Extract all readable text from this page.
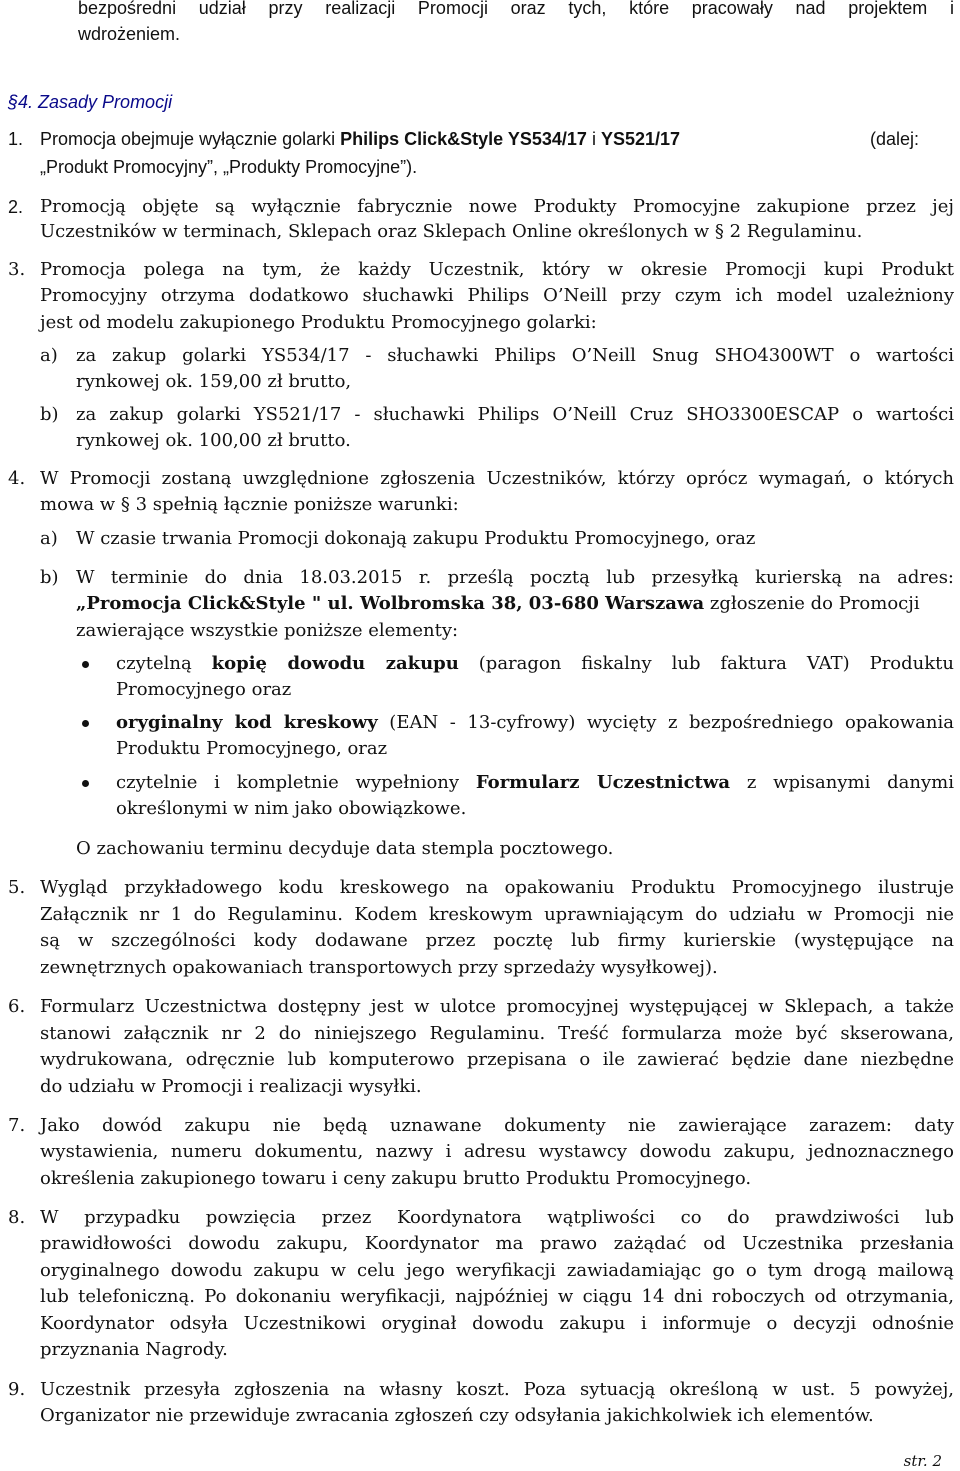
bezpośredni udział przy realizacji Promocji oraz tych, które pracowały nad projektem i
wdrożeniem.
§4. Zasady Promocji
1. Promocja obejmuje wyłącznie golarki Philips Click&Style YS534/17 i YS521/17	(dalej:
„Produkt Promocyjny”, „Produkty Promocyjne”).
2. Promocją objęte są wyłącznie fabrycznie nowe Produkty Promocyjne zakupione przez jej
Uczestników w terminach, Sklepach oraz Sklepach Online określonych w § 2 Regulaminu.
3. Promocja polega na tym, że każdy Uczestnik, który w okresie Promocji kupi Produkt
Promocyjny otrzyma dodatkowo słuchawki Philips O’Neill przy czym ich model uzależniony
jest od modelu zakupionego Produktu Promocyjnego golarki:
a) za zakup golarki YS534/17 - słuchawki Philips O’Neill Snug SHO4300WT o wartości
rynkowej ok. 159,00 zł brutto,
b) za zakup golarki YS521/17 - słuchawki Philips O’Neill Cruz SHO3300ESCAP o wartości
rynkowej ok. 100,00 zł brutto.
4. W Promocji zostaną uwzględnione zgłoszenia Uczestników, którzy oprócz wymagań, o których
mowa w § 3 spełnią łącznie poniższe warunki:
a) W czasie trwania Promocji dokonają zakupu Produktu Promocyjnego, oraz
b) W terminie do dnia 18.03.2015 r. prześlą pocztą lub przesyłką kurierską na adres:
„Promocja Click&Style " ul. Wolbromska 38, 03-680 Warszawa zgłoszenie do Promocji
zawierające wszystkie poniższe elementy:
czytelną kopię dowodu zakupu (paragon fiskalny lub faktura VAT) Produktu
Promocyjnego oraz
oryginalny kod kreskowy (EAN - 13-cyfrowy) wycięty z bezpośredniego opakowania
Produktu Promocyjnego, oraz
czytelnie i kompletnie wypełniony Formularz Uczestnictwa z wpisanymi danymi
określonymi w nim jako obowiązkowe.
O zachowaniu terminu decyduje data stempla pocztowego.
5. Wygląd przykładowego kodu kreskowego na opakowaniu Produktu Promocyjnego ilustruje
Załącznik nr 1 do Regulaminu. Kodem kreskowym uprawniającym do udziału w Promocji nie
są w szczególności kody dodawane przez pocztę lub firmy kurierskie (występujące na
zewnętrznych opakowaniach transportowych przy sprzedaży wysyłkowej).
6. Formularz Uczestnictwa dostępny jest w ulotce promocyjnej występującej w Sklepach, a także
stanowi załącznik nr 2 do niniejszego Regulaminu. Treść formularza może być skserowana,
wydrukowana, odręcznie lub komputerowo przepisana o ile zawierać będzie dane niezbędne
do udziału w Promocji i realizacji wysyłki.
7. Jako dowód zakupu nie będą uznawane dokumenty nie zawierające zarazem: daty
wystawienia, numeru dokumentu, nazwy i adresu wystawcy dowodu zakupu, jednoznacznego
określenia zakupionego towaru i ceny zakupu brutto Produktu Promocyjnego.
8. W przypadku powzięcia przez Koordynatora wątpliwości co do prawdziwości lub
prawidłowości dowodu zakupu, Koordynator ma prawo zażądać od Uczestnika przesłania
oryginalnego dowodu zakupu w celu jego weryfikacji zawiadamiając go o tym drogą mailową
lub telefoniczną. Po dokonaniu weryfikacji, najpóźniej w ciągu 14 dni roboczych od otrzymania,
Koordynator odsyła Uczestnikowi oryginał dowodu zakupu i informuje o decyzji odnośnie
przyznania Nagrody.
9. Uczestnik przesyła zgłoszenia na własny koszt. Poza sytuacją określoną w ust. 5 powyżej,
Organizator nie przewiduje zwracania zgłoszeń czy odsyłania jakichkolwiek ich elementów.
str. 2
